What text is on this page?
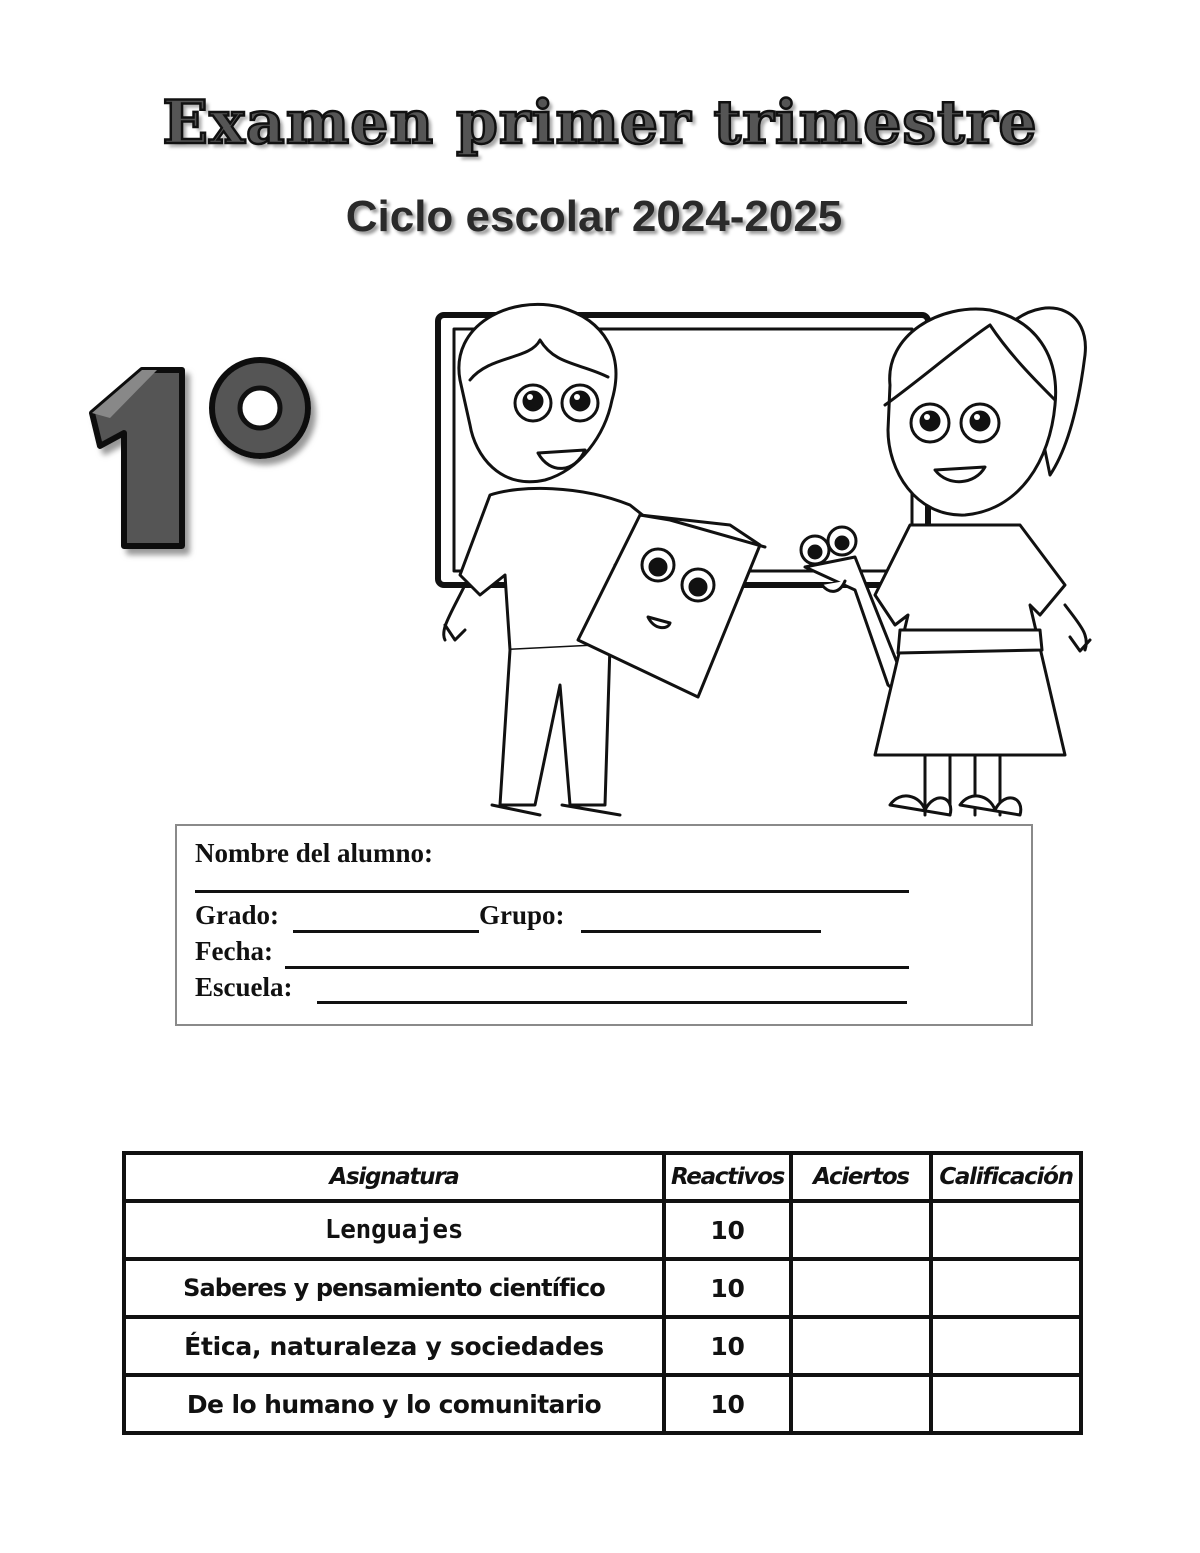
Examen primer trimestre
Ciclo escolar 2024-2025
Nombre del alumno:
Grado:	Grupo:
Fecha:
Escuela:
Asignatura	Reactivos	Aciertos	Calificación
Lenguajes	10		
Saberes y pensamiento científico	10		
Ética, naturaleza y sociedades	10		
De lo humano y lo comunitario	10		
